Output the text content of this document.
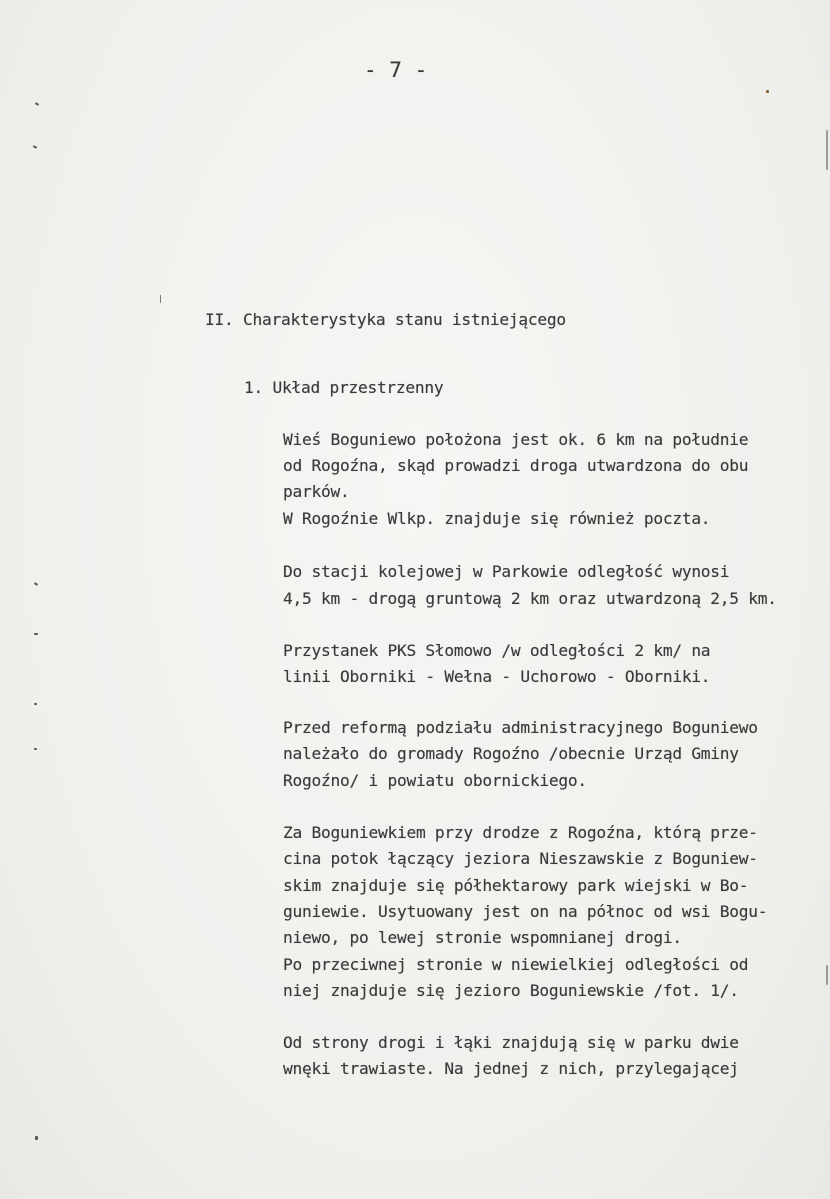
- 7 -
II. Charakterystyka stanu istniejącego
1. Układ przestrzenny
Wieś Boguniewo położona jest ok. 6 km na południe
od Rogoźna, skąd prowadzi droga utwardzona do obu
parków.
W Rogoźnie Wlkp. znajduje się również poczta.
Do stacji kolejowej w Parkowie odległość wynosi
4,5 km - drogą gruntową 2 km oraz utwardzoną 2,5 km.
Przystanek PKS Słomowo /w odległości 2 km/ na
linii Oborniki - Wełna - Uchorowo - Oborniki.
Przed reformą podziału administracyjnego Boguniewo
należało do gromady Rogoźno /obecnie Urząd Gminy
Rogoźno/ i powiatu obornickiego.
Za Boguniewkiem przy drodze z Rogoźna, którą prze-
cina potok łączący jeziora Nieszawskie z Boguniew-
skim znajduje się półhektarowy park wiejski w Bo-
guniewie. Usytuowany jest on na północ od wsi Bogu-
niewo, po lewej stronie wspomnianej drogi.
Po przeciwnej stronie w niewielkiej odległości od
niej znajduje się jezioro Boguniewskie /fot. 1/.
Od strony drogi i łąki znajdują się w parku dwie
wnęki trawiaste. Na jednej z nich, przylegającej
